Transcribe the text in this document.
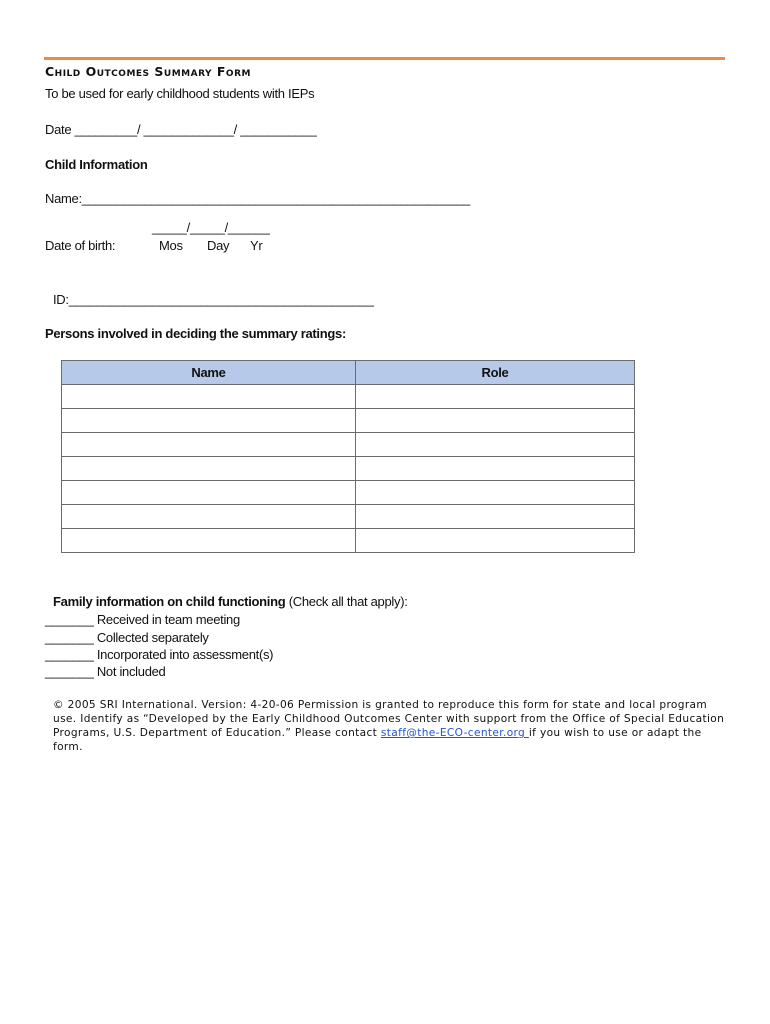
Child Outcomes Summary Form
To be used for early childhood students with IEPs
Date _________/ _____________/ ___________
Child Information
Name:________________________________________________________
_____/_____/______
Date of birth:	Mos Day Yr
ID:____________________________________________
Persons involved in deciding the summary ratings:
Name	Role

Family information on child functioning (Check all that apply):
_______ Received in team meeting
_______ Collected separately
_______ Incorporated into assessment(s)
_______ Not included
© 2005 SRI International. Version: 4-20-06 Permission is granted to reproduce this form for state and local program use. Identify as “Developed by the Early Childhood Outcomes Center with support from the Office of Special Education Programs, U.S. Department of Education.” Please contact staff@the-ECO-center.org if you wish to use or adapt the form.
